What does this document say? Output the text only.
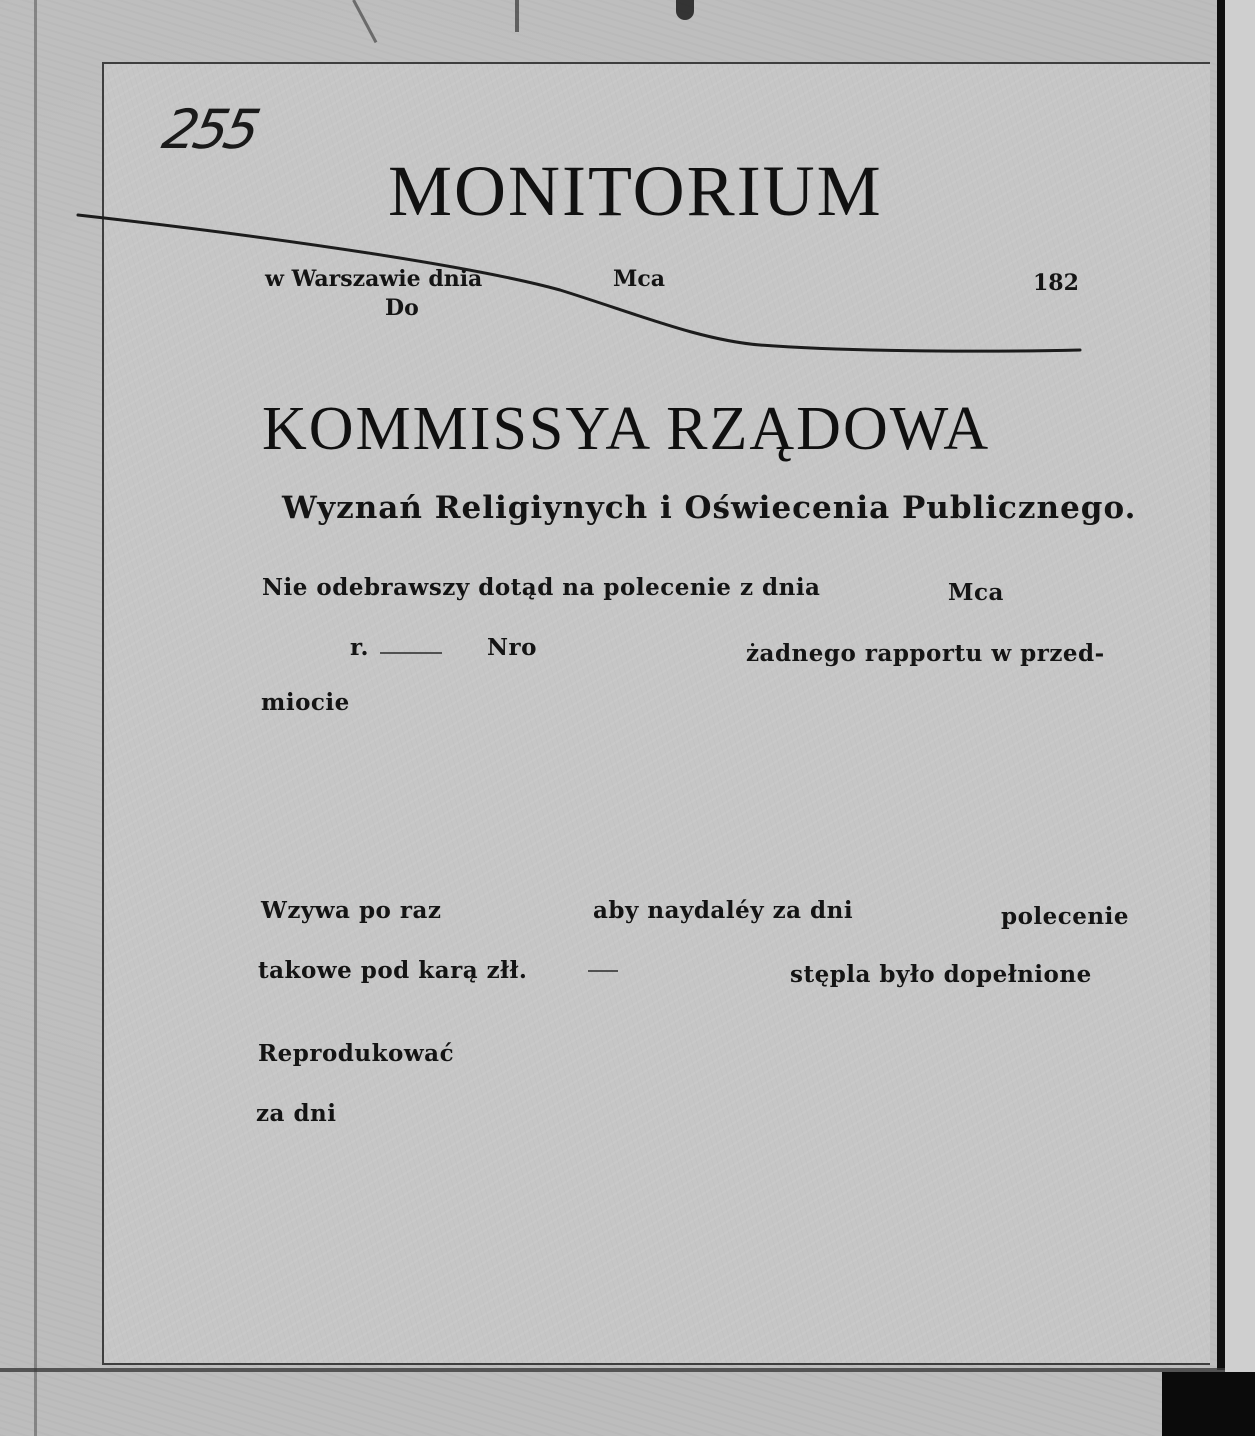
255
MONITORIUM
w Warszawie dnia	Mca	182
Do
KOMMISSYA RZĄDOWA
Wyznań Religiynych i Oświecenia Publicznego.
Nie odebrawszy dotąd na polecenie z dnia	Mca
r.	Nro	żadnego rapportu w przed-
miocie
Wzywa po raz	aby naydaléy za dni	polecenie
takowe pod karą złł.	stępla było dopełnione
Reprodukować
za dni
